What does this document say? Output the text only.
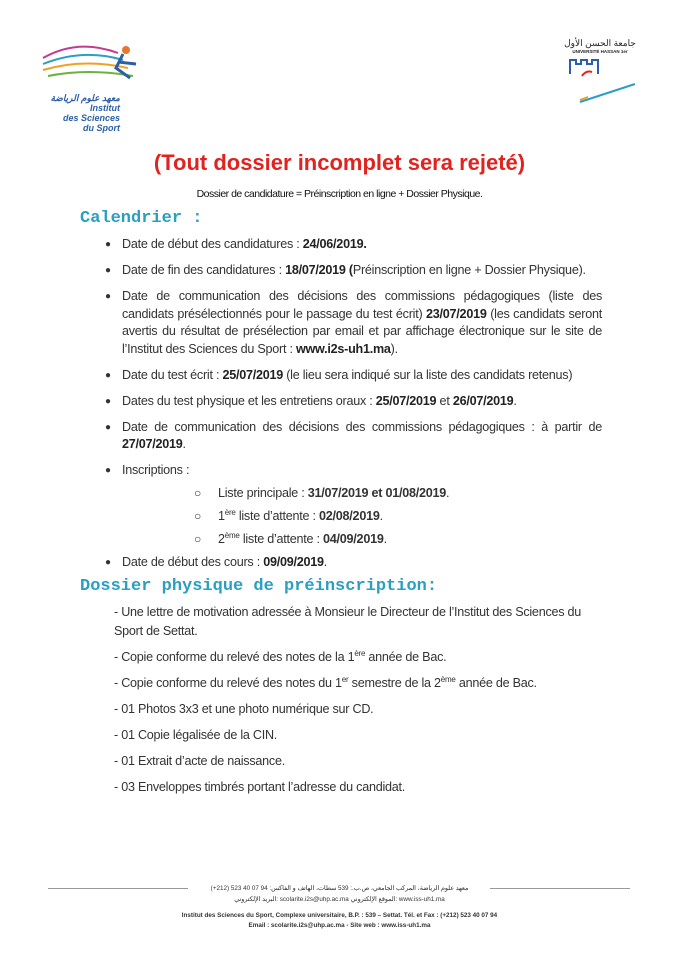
معهد علوم الرياضة
Institut
des Sciences
du Sport
جامعة الحسن الأول
UNIVERSITÉ HASSAN 1er
(Tout dossier incomplet sera rejeté)
Dossier de candidature = Préinscription en ligne + Dossier Physique.
Calendrier :
● Date de début des candidatures : 24/06/2019.
● Date de fin des candidatures : 18/07/2019 (Préinscription en ligne + Dossier Physique).
● Date de communication des décisions des commissions pédagogiques (liste des candidats présélectionnés pour le passage du test écrit) 23/07/2019 (les candidats seront avertis du résultat de présélection par email et par affichage électronique sur le site de l’Institut des Sciences du Sport : www.i2s-uh1.ma).
● Date du test écrit : 25/07/2019 (le lieu sera indiqué sur la liste des candidats retenus)
● Dates du test physique et les entretiens oraux : 25/07/2019 et 26/07/2019.
● Date de communication des décisions des commissions pédagogiques : à partir de 27/07/2019.
● Inscriptions :
○ Liste principale : 31/07/2019 et 01/08/2019.
○ 1ère liste d’attente : 02/08/2019.
○ 2ème liste d’attente : 04/09/2019.
● Date de début des cours : 09/09/2019.
Dossier physique de préinscription:
- Une lettre de motivation adressée à Monsieur le Directeur de l’Institut des Sciences du Sport de Settat.
- Copie conforme du relevé des notes de la 1ère année de Bac.
- Copie conforme du relevé des notes du 1er semestre de la 2ème année de Bac.
- 01 Photos 3x3 et une photo numérique sur CD.
- 01 Copie légalisée de la CIN.
- 01 Extrait d’acte de naissance.
- 03 Enveloppes timbrés portant l’adresse du candidat.
معهد علوم الرياضة، المركب الجامعي، ص.ب.: 539 سطات، الهاتف و الفاكس: 94 07 40 523 (212+)
البريد الإلكتروني: scolarite.i2s@uhp.ac.ma الموقع الإلكتروني: www.iss-uh1.ma
Institut des Sciences du Sport, Complexe universitaire, B.P. : 539 – Settat. Tél. et Fax : (+212) 523 40 07 94
Email : scolarite.i2s@uhp.ac.ma - Site web : www.iss-uh1.ma
